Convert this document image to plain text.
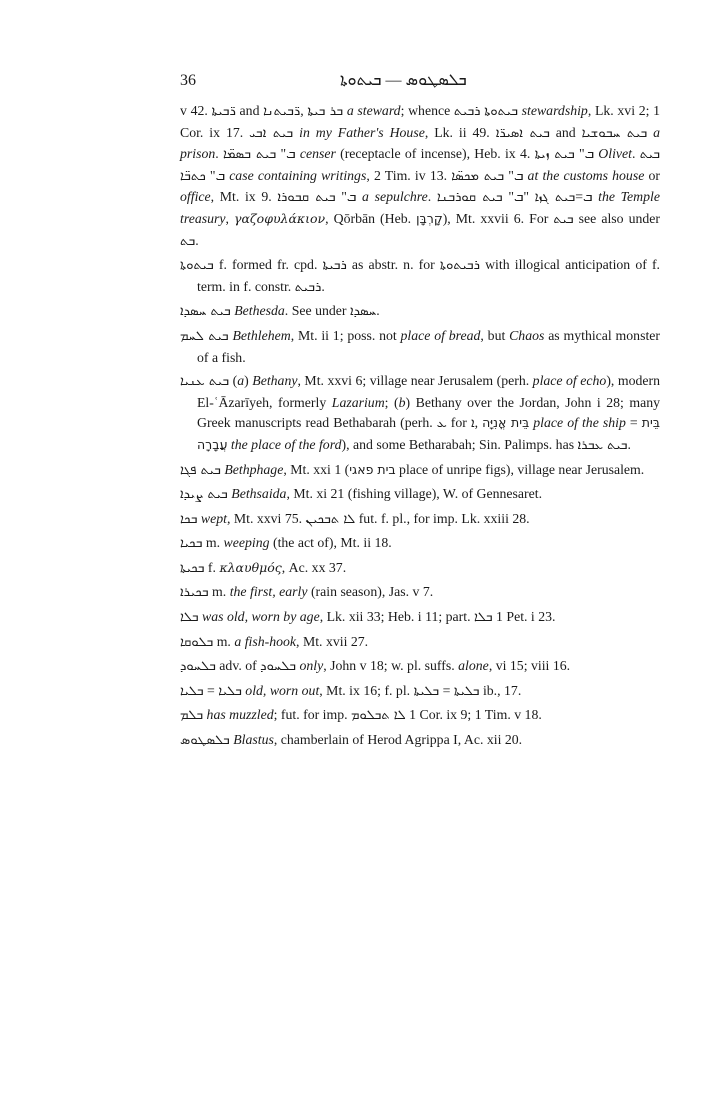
36	ܒܠܣܛܘܣ — ܒܝܬܘܬܐ

v 42. ܪ̈ܒܝܬܐ and ܪ̈ܒܝܬܢܐ, ܒܪ ܒܝܬܐ a steward; whence ܪܒܝܬ ܒܝܬܘܬܐ stewardship, Lk. xvi 2; 1 Cor. ix 17. ܒܝܬ ܐܒܝ in my Father's House, Lk. ii 49. ܒܝܬ ܐܣܝܪ̈ܐ and ܒܝܬ ܚܒܘܫܝܐ a prison. ܒܝܬ ܒܣܡ̈ܐ "ܒ censer (receptacle of incense), Heb. ix 4. ܒܝܬ ܙܝܬܐ "ܒ Olivet. ܒܝܬ ܟܬܒ̈ܐ "ܒ case containing writings, 2 Tim. iv 13. ܒܝܬ ܡܟܣ̈ܐ "ܒ at the customs house or office, Mt. ix 9. ܒܝܬ ܩܒܘܪܐ "ܒ a sepulchre. ܒܝܬ ܩܘܪܒܢܐ "ܒ=ܒܝܬ ܓܙܐ "ܒ the Temple treasury, γαζοφυλάκιον, Qōrbān (Heb. קָרְבָּן), Mt. xxvii 6. For ܒܝܬ see also under ܒܬ.

ܒܝܬܘܬܐ f. formed fr. cpd. ܪܒܝܬܐ as abstr. n. for ܪܒܝܬܘܬܐ with illogical anticipation of f. term. in f. constr. ܪܒܝܬ.

ܒܝܬ ܚܣܕܐ Bethesda. See under ܚܣܕܐ.

ܒܝܬ ܠܚܡ Bethlehem, Mt. ii 1; poss. not place of bread, but Chaos as mythical monster of a fish.

ܒܝܬ ܥܢܝܐ (a) Bethany, Mt. xxvi 6; village near Jerusalem (perh. place of echo), modern El-ʿĀzarīyeh, formerly Lazarium; (b) Bethany over the Jordan, John i 28; many Greek manuscripts read Bethabarah (perh. ܥ for ܐ, בֵּית אֳנִיָּה place of the ship = בֵּית עֲבָרָה the place of the ford), and some Betharabah; Sin. Palimps. has ܒܝܬ ܥܒܪܐ.

ܒܝܬ ܦܓܐ Bethphage, Mt. xxi 1 (בית פאגי place of unripe figs), village near Jerusalem.

ܒܝܬ ܨܝܕܐ Bethsaida, Mt. xi 21 (fishing village), W. of Gennesaret.

ܒܟܐ wept, Mt. xxvi 75. ܠܐ ܬܒܟܝܢ fut. f. pl., for imp. Lk. xxiii 28.

ܒܟܝܐ m. weeping (the act of), Mt. ii 18.

ܒܟܝܬܐ f. κλαυθμός, Ac. xx 37.

ܒܟܝܪܐ m. the first, early (rain season), Jas. v 7.

ܒܠܐ was old, worn by age, Lk. xii 33; Heb. i 11; part. ܒܠܐ 1 Pet. i 23.

ܒܠܘܩܐ m. a fish-hook, Mt. xvii 27.

ܒܠܚܘܕ adv. of ܒܠܚܘܕ only, John v 18; w. pl. suffs. alone, vi 15; viii 16.

ܒܠܝܐ = ܒܠܝܐ old, worn out, Mt. ix 16; f. pl. ܒܠܝܬܐ = ܒܠܝܬܐ ib., 17.

ܒܠܡ has muzzled; fut. for imp. ܠܐ ܬܒܠܘܡ 1 Cor. ix 9; 1 Tim. v 18.

ܒܠܣܛܘܣ Blastus, chamberlain of Herod Agrippa I, Ac. xii 20.
